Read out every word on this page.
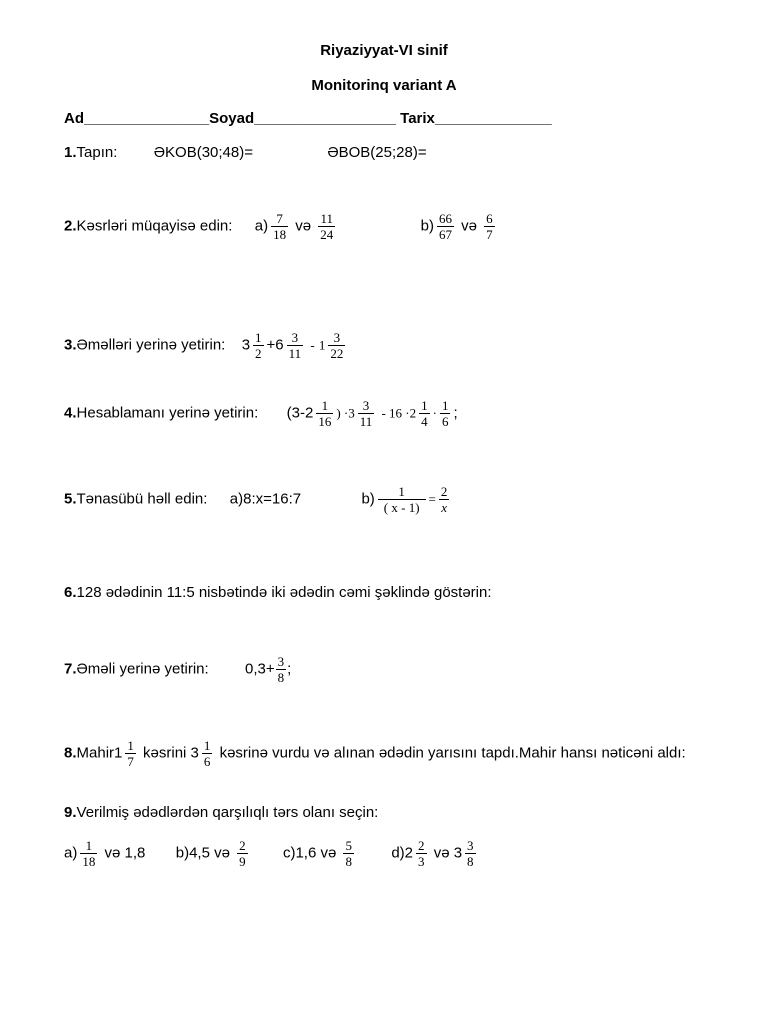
Riyaziyyat-VI sinif
Monitorinq variant A
Ad_______________Soyad_________________ Tarix______________
1.Tapın: ƏKOB(30;48)=	ƏBOB(25;28)=
2.Kəsrləri müqayisə edin: $a) \frac{7}{18}$ və $\frac{11}{24}$	$b) \frac{66}{67}$ və $\frac{6}{7}$
3.Əməlləri yerinə yetirin: $3 \frac{1}{2} +6 \frac{3}{11} - 1 \frac{3}{22}$
4.Hesablamanı yerinə yetirin: ($3-2 \frac{1}{16}$ ) $\cdot 3 \frac{3}{11} - 16 \cdot 2 \frac{1}{4} \cdot \frac{1}{6}$ ;
5.Tənasübü həll edin: a)8:x=16:7	$b) \frac{1}{( x - 1)} = \frac{2}{x}$
6.128 ədədinin 11:5 nisbətində iki ədədin cəmi şəklində göstərin:
7.Əməli yerinə yetirin: $0,3+ \frac{3}{8}$ ;
8.Mahir1 $\frac{1}{7}$ kəsrini $3 \frac{1}{6}$ kəsrinə vurdu və alınan ədədin yarısını tapdı.Mahir hansı nəticəni aldı:
9.Verilmiş ədədlərdən qarşılıqlı tərs olanı seçin:
$a) \frac{1}{18}$ və 1,8 b)4,5 və $\frac{2}{9} c)1,6$ və $\frac{5}{8} d)2 \frac{2}{3}$ və $3 \frac{3}{8}$
